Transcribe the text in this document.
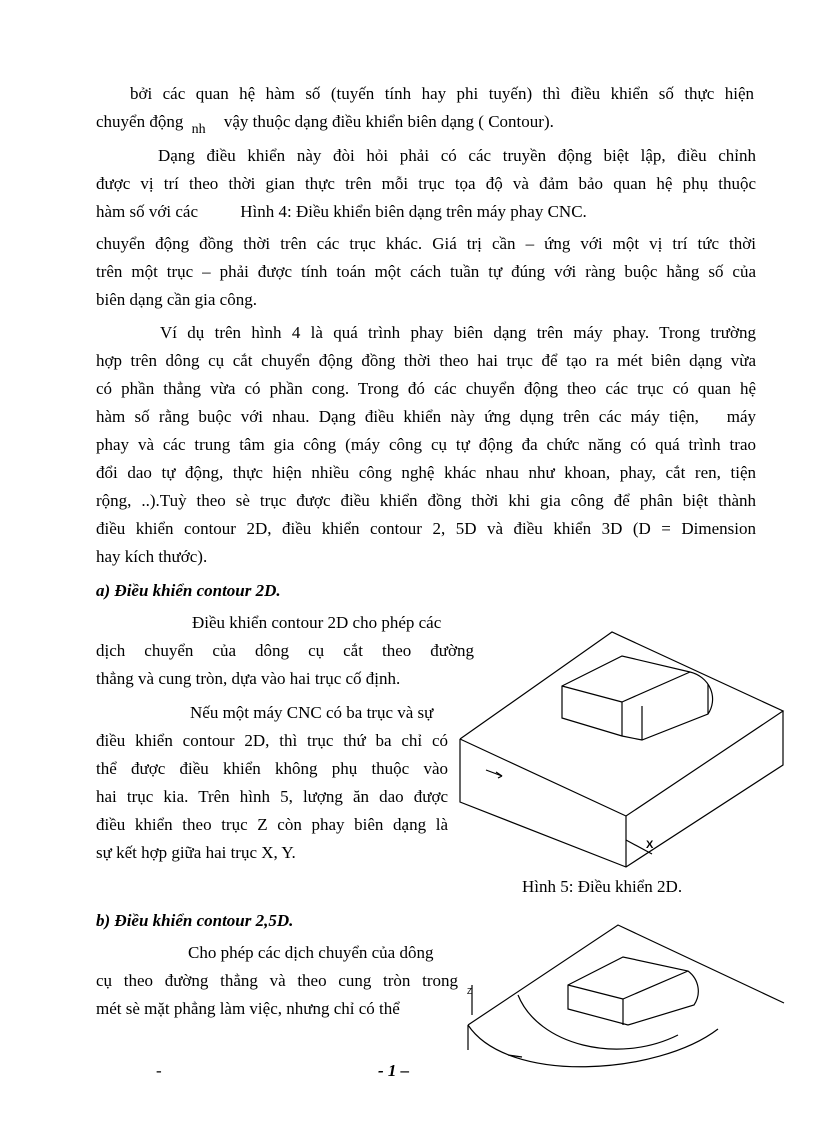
bởi các quan hệ hàm số (tuyến tính hay phi tuyến) thì điều khiển số thực hiện
chuyển động $_{nh}$ vậy thuộc dạng điều khiển biên dạng ( Contour).
Dạng điều khiển này đòi hỏi phải có các truyền động biệt lập, điều chỉnh
được vị trí theo thời gian thực trên mỗi trục tọa độ và đảm bảo quan hệ phụ thuộc
hàm số với các Hình 4: Điều khiển biên dạng trên máy phay CNC.
chuyển động đồng thời trên các trục khác. Giá trị cần – ứng với một vị trí tức thời
trên một trục – phải được tính toán một cách tuần tự đúng với ràng buộc hằng số của
biên dạng cần gia công.
Ví dụ trên hình 4 là quá trình phay biên dạng trên máy phay. Trong trường
hợp trên dông cụ cắt chuyển động đồng thời theo hai trục để tạo ra mét biên dạng vừa
có phần thẳng vừa có phần cong. Trong đó các chuyển động theo các trục có quan hệ
hàm số rằng buộc với nhau. Dạng điều khiển này ứng dụng trên các máy tiện,   máy
phay và các trung tâm gia công (máy công cụ tự động đa chức năng có quá trình trao
đổi dao tự động, thực hiện nhiều công nghệ khác nhau như khoan, phay, cắt ren, tiện
rộng, ..).Tuỳ theo sè trục được điều khiển đồng thời khi gia công để phân biệt thành
điều khiển contour 2D, điều khiển contour 2, 5D và điều khiển 3D (D = Dimension
hay kích thước).
a) Điều khiển contour 2D.
Điều khiển contour 2D cho phép các
dịch chuyển của dông cụ cắt theo đường
thẳng và cung tròn, dựa vào hai trục cố định.
Nếu một máy CNC có ba trục và sự
điều khiển contour 2D, thì trục thứ ba chỉ có
thể được điều khiển không phụ thuộc vào
hai trục kia. Trên hình 5, lượng ăn dao được
điều khiển theo trục Z còn phay biên dạng là
sự kết hợp giữa hai trục X, Y.	X
Hình 5: Điều khiển 2D.
b) Điều khiển contour 2,5D.
Cho phép các dịch chuyển của dông
cụ theo đường thẳng và theo cung tròn trong
mét sè mặt phẳng làm việc, nhưng chỉ có thể
Z
-	- 1 –
